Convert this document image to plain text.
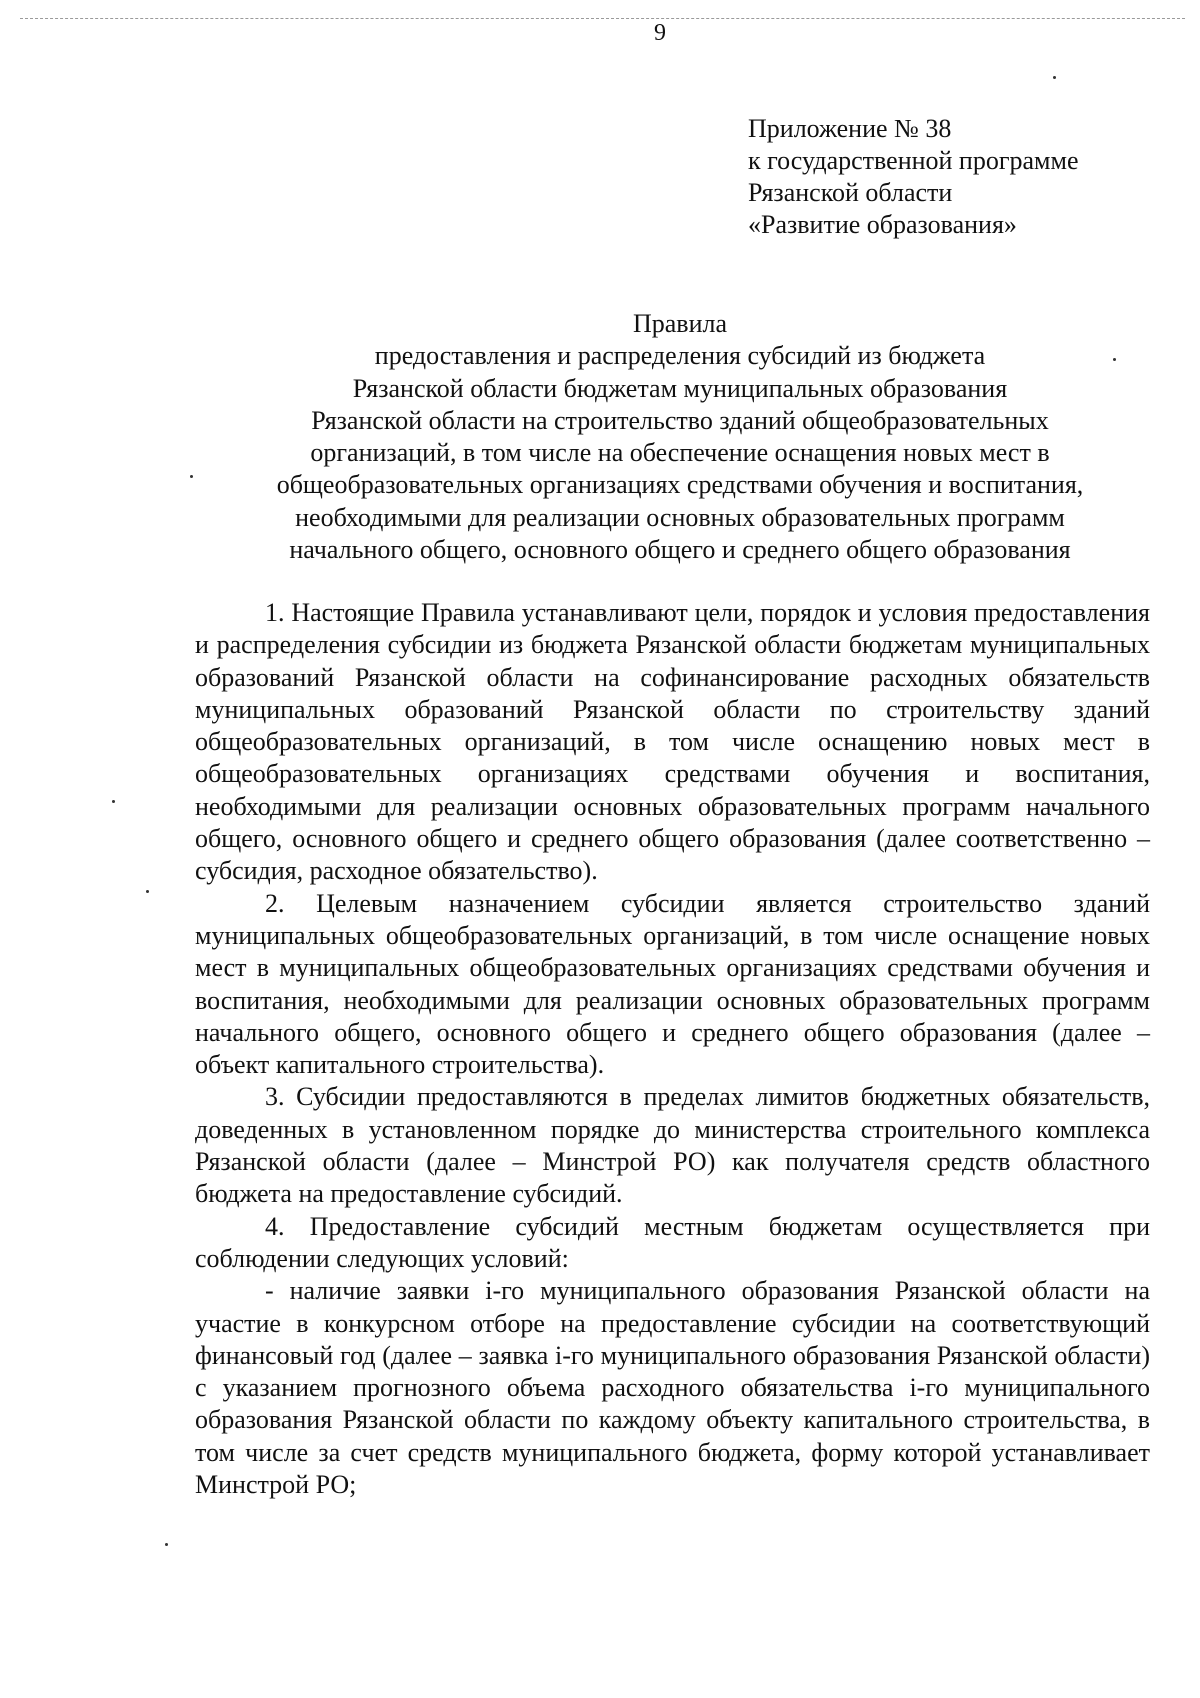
9
Приложение № 38
к государственной программе
Рязанской области
«Развитие образования»
Правила
предоставления и распределения субсидий из бюджета
Рязанской области бюджетам муниципальных образования
Рязанской области на строительство зданий общеобразовательных
организаций, в том числе на обеспечение оснащения новых мест в
общеобразовательных организациях средствами обучения и воспитания,
необходимыми для реализации основных образовательных программ
начального общего, основного общего и среднего общего образования

1. Настоящие Правила устанавливают цели, порядок и условия предоставления и распределения субсидии из бюджета Рязанской области бюджетам муниципальных образований Рязанской области на софинансирование расходных обязательств муниципальных образований Рязанской области по строительству зданий общеобразовательных организаций, в том числе оснащению новых мест в общеобразовательных организациях средствами обучения и воспитания, необходимыми для реализации основных образовательных программ начального общего, основного общего и среднего общего образования (далее соответственно – субсидия, расходное обязательство).

2. Целевым назначением субсидии является строительство зданий муниципальных общеобразовательных организаций, в том числе оснащение новых мест в муниципальных общеобразовательных организациях средствами обучения и воспитания, необходимыми для реализации основных образовательных программ начального общего, основного общего и среднего общего образования (далее – объект капитального строительства).

3. Субсидии предоставляются в пределах лимитов бюджетных обязательств, доведенных в установленном порядке до министерства строительного комплекса Рязанской области (далее – Минстрой РО) как получателя средств областного бюджета на предоставление субсидий.

4. Предоставление субсидий местным бюджетам осуществляется при соблюдении следующих условий:

- наличие заявки i-го муниципального образования Рязанской области на участие в конкурсном отборе на предоставление субсидии на соответствующий финансовый год (далее – заявка i-го муниципального образования Рязанской области) с указанием прогнозного объема расходного обязательства i-го муниципального образования Рязанской области по каждому объекту капитального строительства, в том числе за счет средств муниципального бюджета, форму которой устанавливает Минстрой РО;
